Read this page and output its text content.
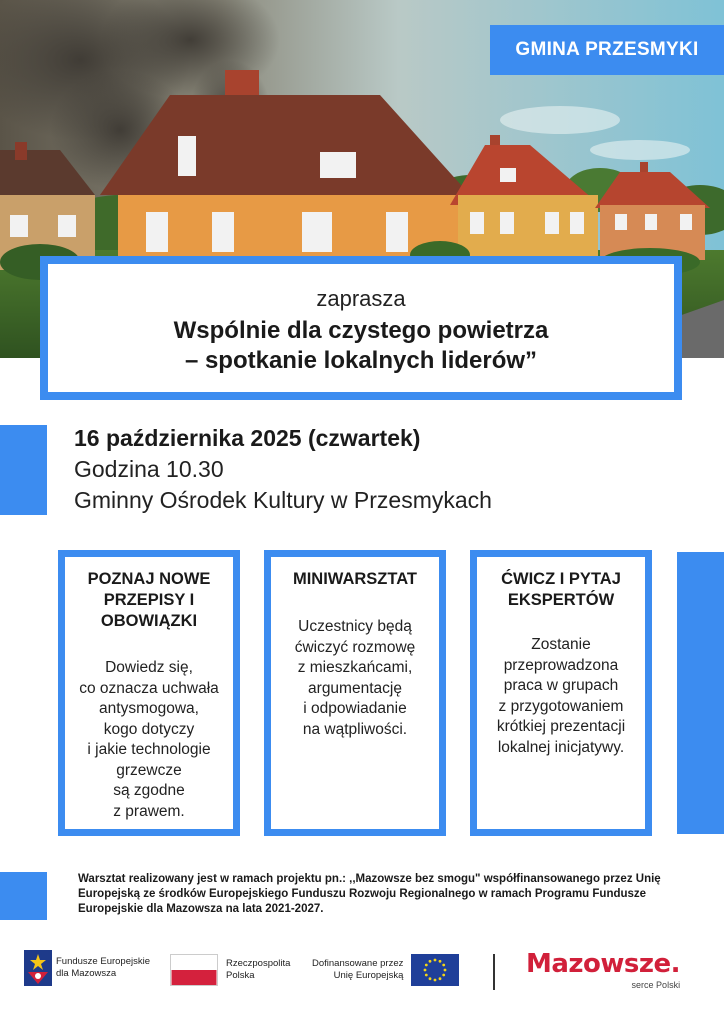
GMINA PRZESMYKI
zaprasza
Wspólnie dla czystego powietrza
– spotkanie lokalnych liderów”
16 października 2025 (czwartek)
Godzina 10.30
Gminny Ośrodek Kultury w Przesmykach
POZNAJ NOWE
PRZEPISY I
OBOWIĄZKI
Dowiedz się,
co oznacza uchwała
antysmogowa,
kogo dotyczy
i jakie technologie
grzewcze
są zgodne
z prawem.
MINIWARSZTAT
Uczestnicy będą
ćwiczyć rozmowę
z mieszkańcami,
argumentację
i odpowiadanie
na wątpliwości.
ĆWICZ I PYTAJ
EKSPERTÓW
Zostanie
przeprowadzona
praca w grupach
z przygotowaniem
krótkiej prezentacji
lokalnej inicjatywy.
Warsztat realizowany jest w ramach projektu pn.: ,,Mazowsze bez smogu" współfinansowanego przez Unię Europejską ze środków Europejskiego Funduszu Rozwoju Regionalnego w ramach Programu Fundusze Europejskie dla Mazowsza na lata 2021-2027.
Fundusze Europejskie
dla Mazowsza
Rzeczpospolita
Polska
Dofinansowane przez
Unię Europejską	Mazowsze.
serce Polski
